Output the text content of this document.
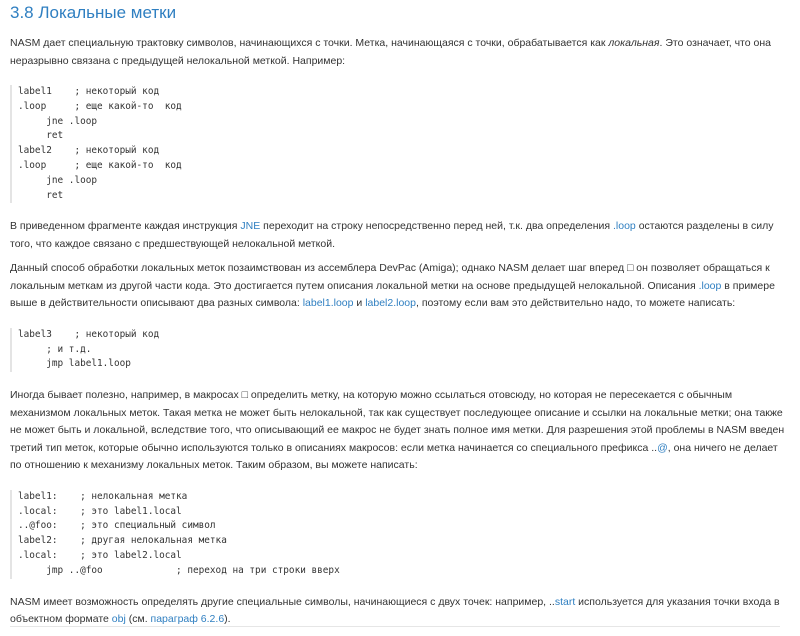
3.8 Локальные метки

NASM дает специальную трактовку символов, начинающихся с точки. Метка, начинающаяся с точки, обрабатывается как локальная. Это означает, что она неразрывно связана с предыдущей нелокальной меткой. Например:

label1    ; некоторый код
.loop     ; еще какой-то  код
jne .loop
ret
label2    ; некоторый код
.loop     ; еще какой-то  код
jne .loop
ret

В приведенном фрагменте каждая инструкция JNE переходит на строку непосредственно перед ней, т.к. два определения .loop остаются разделены в силу того, что каждое связано с предшествующей нелокальной меткой.

Данный способ обработки локальных меток позаимствован из ассемблера DevPac (Amiga); однако NASM делает шаг вперед □ он позволяет обращаться к локальным меткам из другой части кода. Это достигается путем описания локальной метки на основе предыдущей нелокальной. Описания .loop в примере выше в действительности описывают два разных символа: label1.loop и label2.loop, поэтому если вам это действительно надо, то можете написать:

label3    ; некоторый код
; и т.д.
jmp label1.loop

Иногда бывает полезно, например, в макросах □ определить метку, на которую можно ссылаться отовсюду, но которая не пересекается с обычным механизмом локальных меток. Такая метка не может быть нелокальной, так как существует последующее описание и ссылки на локальные метки; она также не может быть и локальной, вследствие того, что описывающий ее макрос не будет знать полное имя метки. Для разрешения этой проблемы в NASM введен третий тип меток, которые обычно используются только в описаниях макросов: если метка начинается со специального префикса ..@, она ничего не делает по отношению к механизму локальных меток. Таким образом, вы можете написать:

label1:    ; нелокальная метка
.local:    ; это label1.local
..@foo:    ; это специальный символ
label2:    ; другая нелокальная метка
.local:    ; это label2.local
jmp ..@foo             ; переход на три строки вверх

NASM имеет возможность определять другие специальные символы, начинающиеся с двух точек: например, ..start используется для указания точки входа в объектном формате obj (см. параграф 6.2.6).
